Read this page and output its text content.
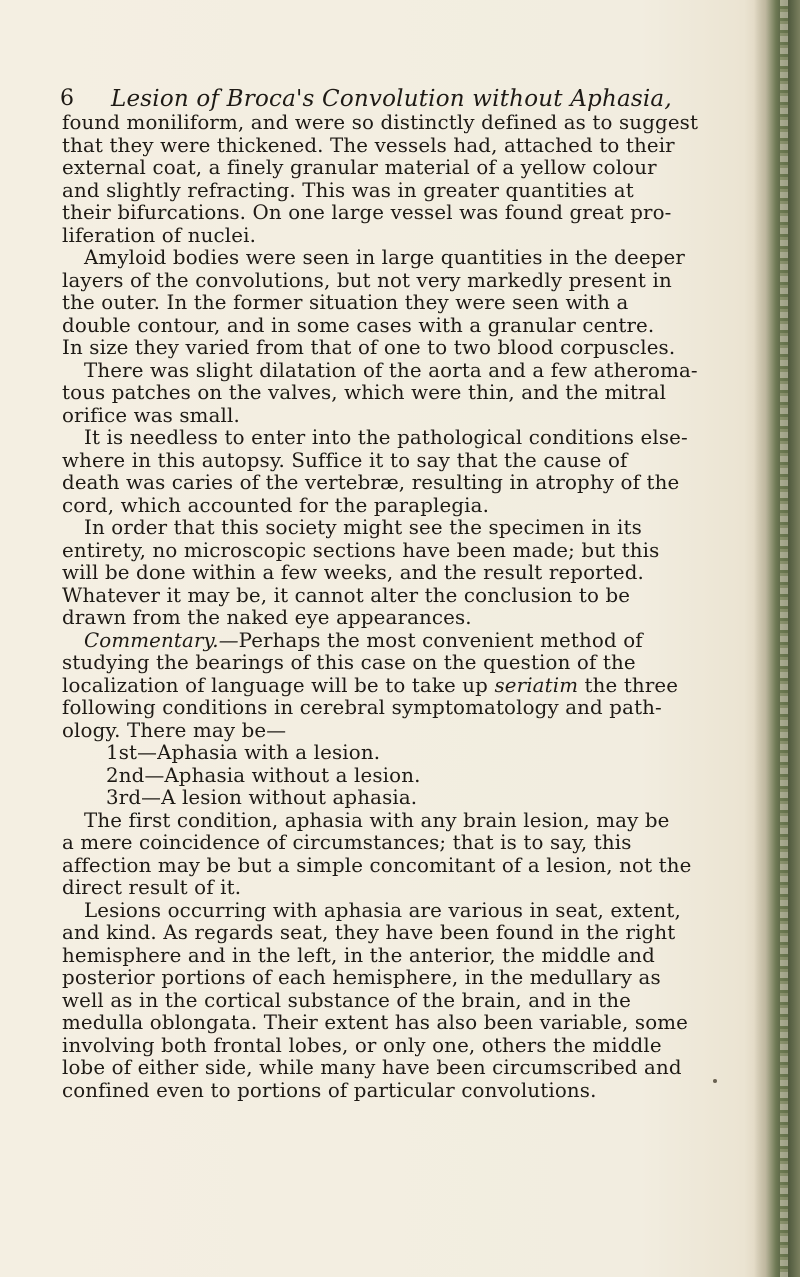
6 Lesion of Broca's Convolution without Aphasia,
found moniliform, and were so distinctly defined as to suggest
that they were thickened. The vessels had, attached to their
external coat, a finely granular material of a yellow colour
and slightly refracting. This was in greater quantities at
their bifurcations. On one large vessel was found great pro-
liferation of nuclei.
Amyloid bodies were seen in large quantities in the deeper
layers of the convolutions, but not very markedly present in
the outer. In the former situation they were seen with a
double contour, and in some cases with a granular centre.
In size they varied from that of one to two blood corpuscles.
There was slight dilatation of the aorta and a few atheroma-
tous patches on the valves, which were thin, and the mitral
orifice was small.
It is needless to enter into the pathological conditions else-
where in this autopsy. Suffice it to say that the cause of
death was caries of the vertebræ, resulting in atrophy of the
cord, which accounted for the paraplegia.
In order that this society might see the specimen in its
entirety, no microscopic sections have been made; but this
will be done within a few weeks, and the result reported.
Whatever it may be, it cannot alter the conclusion to be
drawn from the naked eye appearances.
Commentary.—Perhaps the most convenient method of
studying the bearings of this case on the question of the
localization of language will be to take up seriatim the three
following conditions in cerebral symptomatology and path-
ology. There may be—
1st—Aphasia with a lesion.
2nd—Aphasia without a lesion.
3rd—A lesion without aphasia.
The first condition, aphasia with any brain lesion, may be
a mere coincidence of circumstances; that is to say, this
affection may be but a simple concomitant of a lesion, not the
direct result of it.
Lesions occurring with aphasia are various in seat, extent,
and kind. As regards seat, they have been found in the right
hemisphere and in the left, in the anterior, the middle and
posterior portions of each hemisphere, in the medullary as
well as in the cortical substance of the brain, and in the
medulla oblongata. Their extent has also been variable, some
involving both frontal lobes, or only one, others the middle
lobe of either side, while many have been circumscribed and
confined even to portions of particular convolutions.
